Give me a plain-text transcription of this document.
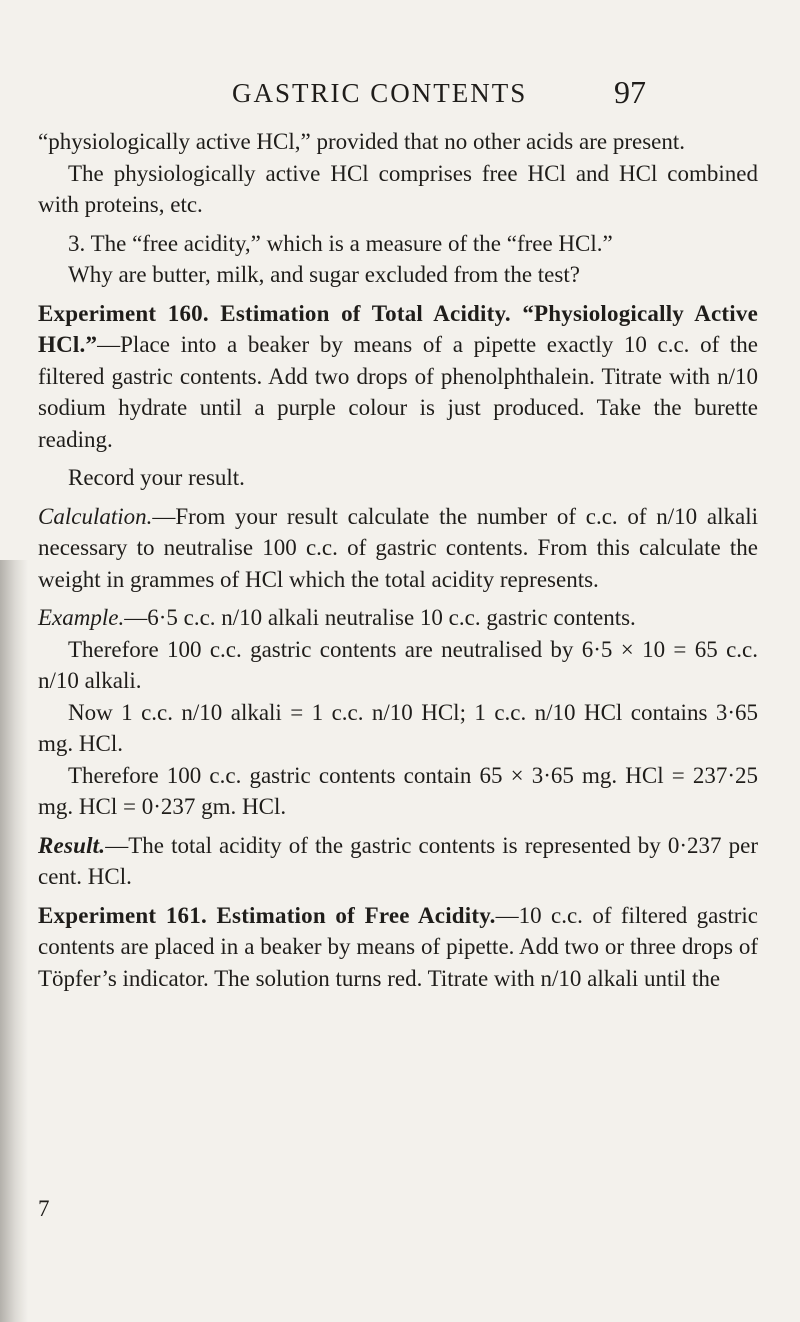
GASTRIC CONTENTS	97

“physiologically active HCl,” provided that no other acids are present.

The physiologically active HCl comprises free HCl and HCl combined with proteins, etc.

3. The “free acidity,” which is a measure of the “free HCl.”

Why are butter, milk, and sugar excluded from the test?

Experiment 160. Estimation of Total Acidity. “Physiologically Active HCl.”—Place into a beaker by means of a pipette exactly 10 c.c. of the filtered gastric contents. Add two drops of phenolphthalein. Titrate with n/10 sodium hydrate until a purple colour is just produced. Take the burette reading.

Record your result.

Calculation.—From your result calculate the number of c.c. of n/10 alkali necessary to neutralise 100 c.c. of gastric contents. From this calculate the weight in grammes of HCl which the total acidity represents.

Example.—6·5 c.c. n/10 alkali neutralise 10 c.c. gastric contents.

Therefore 100 c.c. gastric contents are neutralised by 6·5 × 10 = 65 c.c. n/10 alkali.

Now 1 c.c. n/10 alkali = 1 c.c. n/10 HCl; 1 c.c. n/10 HCl contains 3·65 mg. HCl.

Therefore 100 c.c. gastric contents contain 65 × 3·65 mg. HCl = 237·25 mg. HCl = 0·237 gm. HCl.

Result.—The total acidity of the gastric contents is represented by 0·237 per cent. HCl.

Experiment 161. Estimation of Free Acidity.—10 c.c. of filtered gastric contents are placed in a beaker by means of pipette. Add two or three drops of Töpfer’s indicator. The solution turns red. Titrate with n/10 alkali until the

7
